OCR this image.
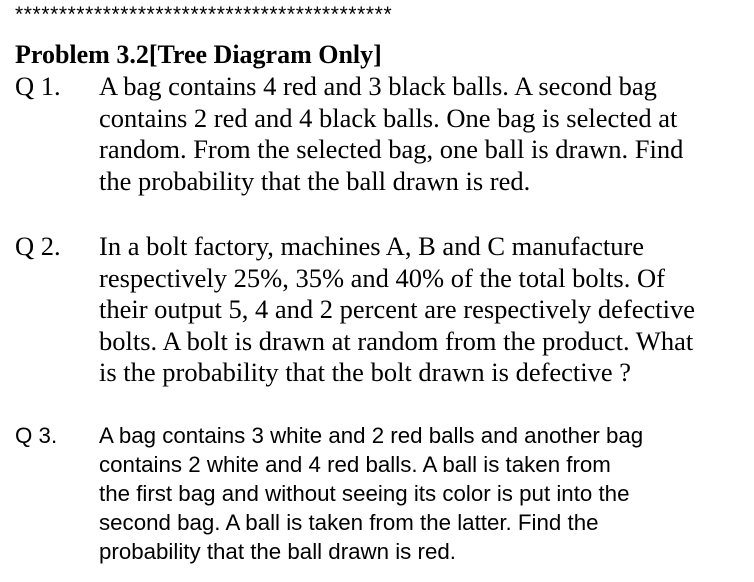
*******************************************
Problem 3.2[Tree Diagram Only]
Q 1. A bag contains 4 red and 3 black balls. A second bag
contains 2 red and 4 black balls. One bag is selected at
random. From the selected bag, one ball is drawn. Find
the probability that the ball drawn is red.
Q 2. In a bolt factory, machines A, B and C manufacture
respectively 25%, 35% and 40% of the total bolts. Of
their output 5, 4 and 2 percent are respectively defective
bolts. A bolt is drawn at random from the product. What
is the probability that the bolt drawn is defective ?
Q 3. A bag contains 3 white and 2 red balls and another bag
contains 2 white and 4 red balls. A ball is taken from
the first bag and without seeing its color is put into the
second bag. A ball is taken from the latter. Find the
probability that the ball drawn is red.
